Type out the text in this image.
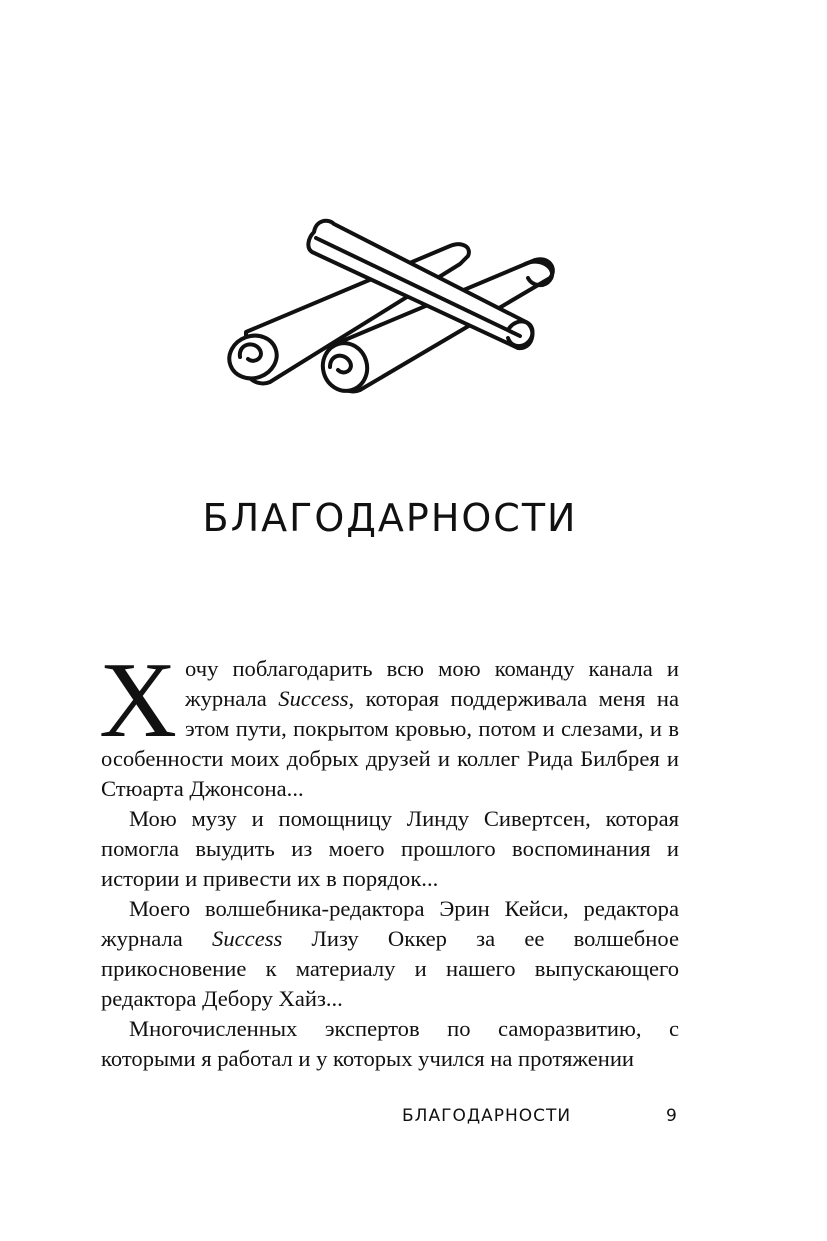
БЛАГОДАРНОСТИ

Хочу поблагодарить всю мою команду канала и журнала Success, которая поддерживала меня на этом пути, покрытом кровью, потом и слезами, и в особенности моих добрых друзей и коллег Рида Билбрея и Стюарта Джонсона...

Мою музу и помощницу Линду Сивертсен, которая помогла выудить из моего прошлого воспоминания и истории и привести их в порядок...

Моего волшебника-редактора Эрин Кейси, редактора журнала Success Лизу Оккер за ее волшебное прикосновение к материалу и нашего выпускающего редактора Дебору Хайз...

Многочисленных экспертов по саморазвитию, с которыми я работал и у которых учился на протяжении

БЛАГОДАРНОСТИ	9
